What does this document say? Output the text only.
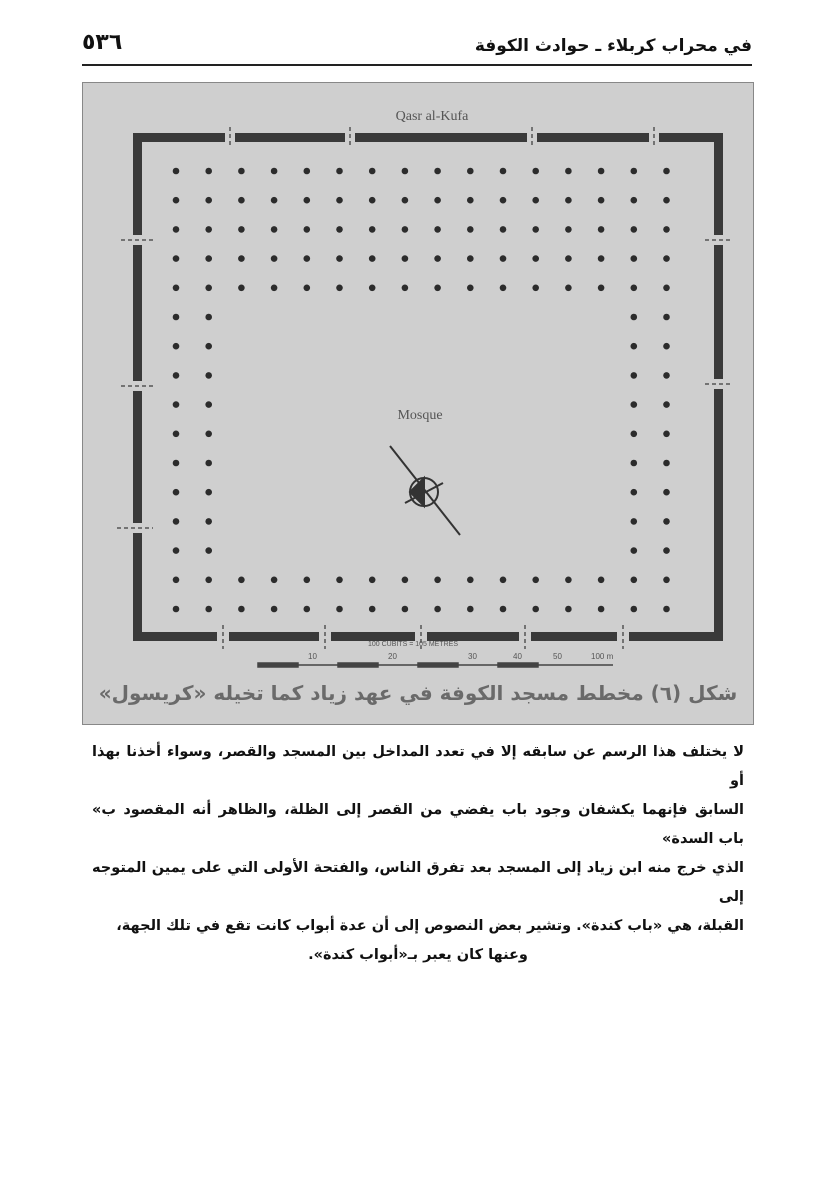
٥٣٦	في محراب كربلاء ـ حوادث الكوفة
Qasr al-Kufa
Mosque
100 CUBITS = 105 METRES
10	20	30	40	50	100 m
شكل (٦) مخطط مسجد الكوفة في عهد زياد كما تخيله «كريسول»
لا يختلف هذا الرسم عن سابقه إلا في تعدد المداخل بين المسجد والقصر، وسواء أخذنا بهذا أو
السابق فإنهما يكشفان وجود باب يفضي من القصر إلى الظلة، والظاهر أنه المقصود ب» باب السدة»
الذي خرج منه ابن زياد إلى المسجد بعد تفرق الناس، والفتحة الأولى التي على يمين المتوجه إلى
القبلة، هي «باب كندة». وتشير بعض النصوص إلى أن عدة أبواب كانت تقع في تلك الجهة،
وعنها كان يعبر بـ«أبواب كندة».
